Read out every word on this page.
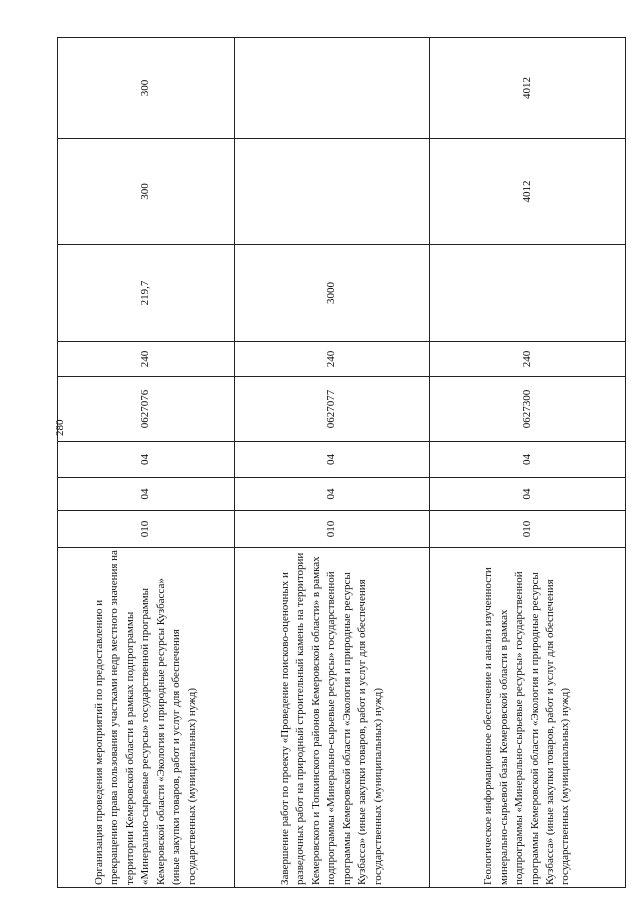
280
Организация проведения мероприятий по предоставлению и прекращению права пользования участками недр местного значения на территории Кемеровской области в рамках подпрограммы «Минерально-сырьевые ресурсы» государственной программы Кемеровской области «Экология и природные ресурсы Кузбасса» (иные закупки товаров, работ и услуг для обеспечения государственных (муниципальных) нужд)	010	04	04	0627076	240	219,7	300	300
Завершение работ по проекту «Проведение поисково-оценочных и разведочных работ на природный строительный камень на территории Кемеровского и Топкинского районов Кемеровской области» в рамках подпрограммы «Минерально-сырьевые ресурсы» государственной программы Кемеровской области «Экология и природные ресурсы Кузбасса» (иные закупки товаров, работ и услуг для обеспечения государственных (муниципальных) нужд)	010	04	04	0627077	240	3000		
Геологическое информационное обеспечение и анализ изученности минерально-сырьевой базы Кемеровской области в рамках подпрограммы «Минерально-сырьевые ресурсы» государственной программы Кемеровской области «Экология и природные ресурсы Кузбасса» (иные закупки товаров, работ и услуг для обеспечения государственных (муниципальных) нужд)	010	04	04	0627300	240		4012	4012
